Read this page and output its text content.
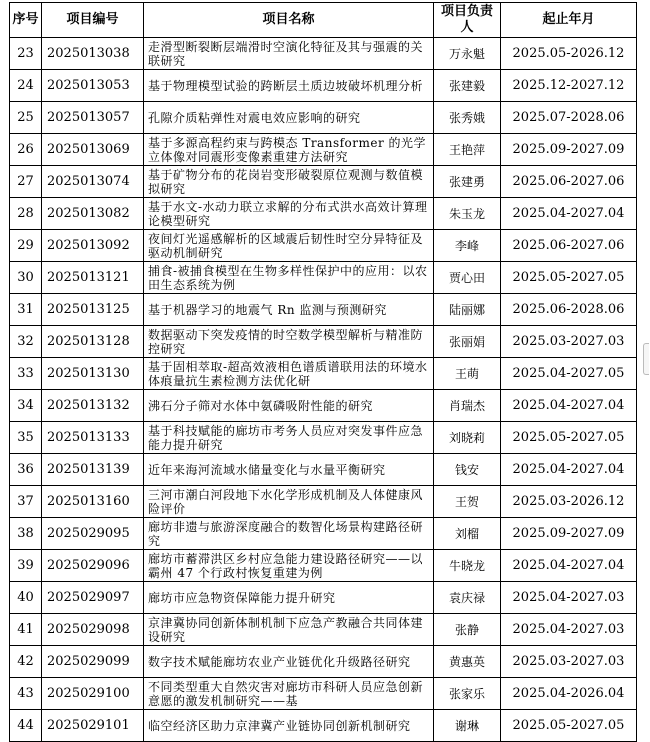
序号	项目编号	项目名称	项目负责人	起止年月
23	2025013038	走滑型断裂断层端滑时空演化特征及其与强震的关联研究	万永魁	2025.05-2026.12
24	2025013053	基于物理模型试验的跨断层土质边坡破坏机理分析	张建毅	2025.12-2027.12
25	2025013057	孔隙介质粘弹性对震电效应影响的研究	张秀娥	2025.07-2028.06
26	2025013069	基于多源高程约束与跨模态 Transformer 的光学立体像对同震形变像素重建方法研究	王艳萍	2025.09-2027.09
27	2025013074	基于矿物分布的花岗岩变形破裂原位观测与数值模拟研究	张建勇	2025.06-2027.06
28	2025013082	基于水文-水动力联立求解的分布式洪水高效计算理论模型研究	朱玉龙	2025.04-2027.04
29	2025013092	夜间灯光遥感解析的区域震后韧性时空分异特征及驱动机制研究	李峰	2025.06-2027.06
30	2025013121	捕食-被捕食模型在生物多样性保护中的应用：以农田生态系统为例	贾心田	2025.05-2027.05
31	2025013125	基于机器学习的地震气 Rn 监测与预测研究	陆丽娜	2025.06-2028.06
32	2025013128	数据驱动下突发疫情的时空数学模型解析与精准防控研究	张丽娟	2025.03-2027.03
33	2025013130	基于固相萃取-超高效液相色谱质谱联用法的环境水体痕量抗生素检测方法优化研	王萌	2025.04-2027.05
34	2025013132	沸石分子筛对水体中氨磷吸附性能的研究	肖瑞杰	2025.04-2027.04
35	2025013133	基于科技赋能的廊坊市考务人员应对突发事件应急能力提升研究	刘晓莉	2025.05-2027.05
36	2025013139	近年来海河流域水储量变化与水量平衡研究	钱安	2025.04-2027.04
37	2025013160	三河市潮白河段地下水化学形成机制及人体健康风险评价	王贺	2025.03-2026.12
38	2025029095	廊坊非遗与旅游深度融合的数智化场景构建路径研究	刘榴	2025.09-2027.09
39	2025029096	廊坊市蓄滞洪区乡村应急能力建设路径研究——以霸州 47 个行政村恢复重建为例	牛晓龙	2025.04-2027.04
40	2025029097	廊坊市应急物资保障能力提升研究	袁庆禄	2025.04-2027.03
41	2025029098	京津冀协同创新体制机制下应急产教融合共同体建设研究	张静	2025.04-2027.03
42	2025029099	数字技术赋能廊坊农业产业链优化升级路径研究	黄惠英	2025.03-2027.03
43	2025029100	不同类型重大自然灾害对廊坊市科研人员应急创新意愿的激发机制研究——基	张家乐	2025.04-2026.04
44	2025029101	临空经济区助力京津冀产业链协同创新机制研究	谢琳	2025.05-2027.05
